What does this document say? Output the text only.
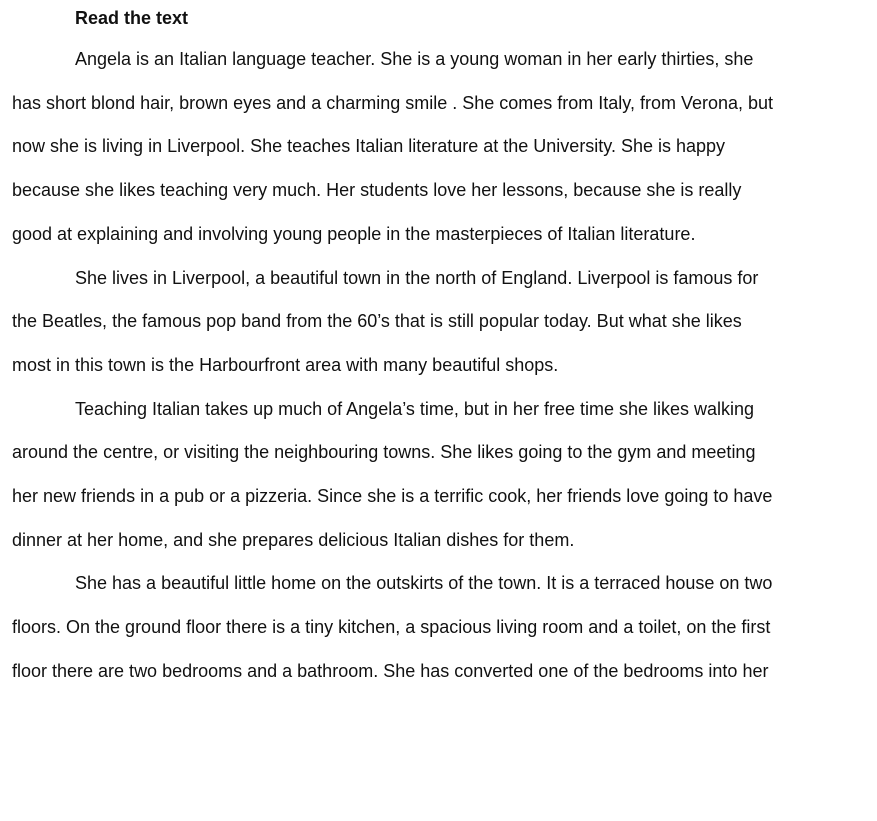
Read the text

Angela is an Italian language teacher. She is a young woman in her early thirties, she
has short blond hair, brown eyes and a charming smile . She comes from Italy, from Verona, but
now she is living in Liverpool. She teaches Italian literature at the University. She is happy
because she likes teaching very much. Her students love her lessons, because she is really
good at explaining and involving young people in the masterpieces of Italian literature.

She lives in Liverpool, a beautiful town in the north of England. Liverpool is famous for
the Beatles, the famous pop band from the 60’s that is still popular today. But what she likes
most in this town is the Harbourfront area with many beautiful shops.

Teaching Italian takes up much of Angela’s time, but in her free time she likes walking
around the centre, or visiting the neighbouring towns. She likes going to the gym and meeting
her new friends in a pub or a pizzeria. Since she is a terrific cook, her friends love going to have
dinner at her home, and she prepares delicious Italian dishes for them.

She has a beautiful little home on the outskirts of the town. It is a terraced house on two
floors. On the ground floor there is a tiny kitchen, a spacious living room and a toilet, on the first
floor there are two bedrooms and a bathroom. She has converted one of the bedrooms into her
